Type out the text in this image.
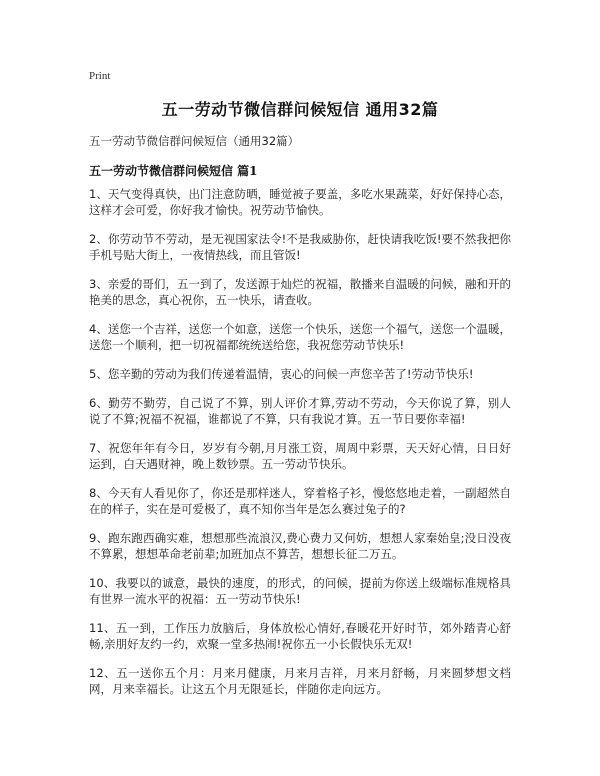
Print
五一劳动节微信群问候短信 通用32篇

五一劳动节微信群问候短信（通用32篇）

五一劳动节微信群问候短信 篇1
1、天气变得真快，出门注意防晒，睡觉被子要盖，多吃水果蔬菜，好好保持心态，这样才会可爱，你好我才愉快。祝劳动节愉快。
2、你劳动节不劳动，是无视国家法令!不是我威胁你，赶快请我吃饭!要不然我把你手机号贴大街上，一夜情热线，而且管饭!
3、亲爱的哥们，五一到了，发送源于灿烂的祝福，散播来自温暖的问候，融和开的艳美的思念，真心祝你，五一快乐，请查收。
4、送您一个吉祥，送您一个如意，送您一个快乐，送您一个福气，送您一个温暖，送您一个顺利，把一切祝福都统统送给您，我祝您劳动节快乐!
5、您辛勤的劳动为我们传递着温情，衷心的问候一声您辛苦了!劳动节快乐!
6、勤劳不勤劳，自己说了不算，别人评价才算,劳动不劳动，今天你说了算，别人说了不算;祝福不祝福，谁都说了不算，只有我说才算。五一节日要你幸福!
7、祝您年年有今日，岁岁有今朝,月月涨工资，周周中彩票，天天好心情，日日好运到，白天遇财神，晚上数钞票。五一劳动节快乐。
8、今天有人看见你了，你还是那样迷人，穿着格子衫，慢悠悠地走着，一副超然自在的样子，实在是可爱极了，真不知你当年是怎么赛过兔子的?
9、跑东跑西确实难，想想那些流浪汉,费心费力又何妨，想想人家秦始皇;没日没夜不算累，想想革命老前辈;加班加点不算苦，想想长征二万五。
10、我要以的诚意，最快的速度，的形式，的问候，提前为你送上级端标准规格具有世界一流水平的祝福：五一劳动节快乐!
11、五一到，工作压力放脑后，身体放松心情好,春暖花开好时节，郊外踏青心舒畅,亲朋好友约一约，欢聚一堂多热闹!祝你五一小长假快乐无双!
12、五一送你五个月：月来月健康，月来月吉祥，月来月舒畅，月来圆梦想文档网，月来幸福长。让这五个月无限延长，伴随你走向远方。
